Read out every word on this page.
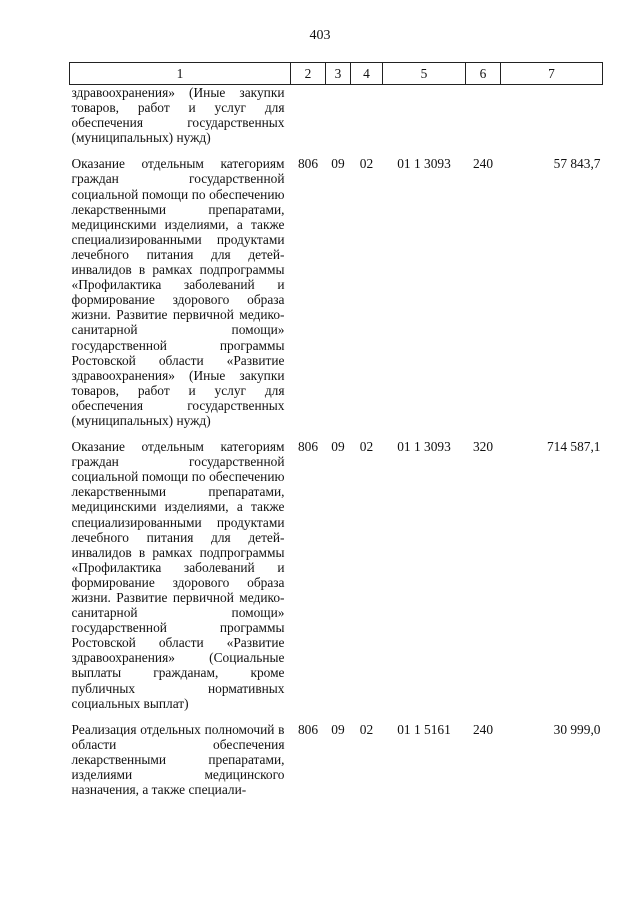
403
1	2	3	4	5	6	7
здравоохранения» (Иные закупки товаров, работ и услуг для обеспечения государственных (муниципальных) нужд)						
Оказание отдельным категориям граждан государственной социальной помощи по обеспечению лекарственными препаратами, медицинскими изделиями, а также специализированными продуктами лечебного питания для детей-инвалидов в рамках подпрограммы «Профилактика заболеваний и формирование здорового образа жизни. Развитие первичной медико-санитарной помощи» государственной программы Ростовской области «Развитие здравоохранения» (Иные закупки товаров, работ и услуг для обеспечения государственных (муниципальных) нужд)	806	09	02	01 1 3093	240	57 843,7
Оказание отдельным категориям граждан государственной социальной помощи по обеспечению лекарственными препаратами, медицинскими изделиями, а также специализированными продуктами лечебного питания для детей-инвалидов в рамках подпрограммы «Профилактика заболеваний и формирование здорового образа жизни. Развитие первичной медико-санитарной помощи» государственной программы Ростовской области «Развитие здравоохранения» (Социальные выплаты гражданам, кроме публичных нормативных социальных выплат)	806	09	02	01 1 3093	320	714 587,1
Реализация отдельных полномочий в области обеспечения лекарственными препаратами, изделиями медицинского назначения, а также специали-	806	09	02	01 1 5161	240	30 999,0
